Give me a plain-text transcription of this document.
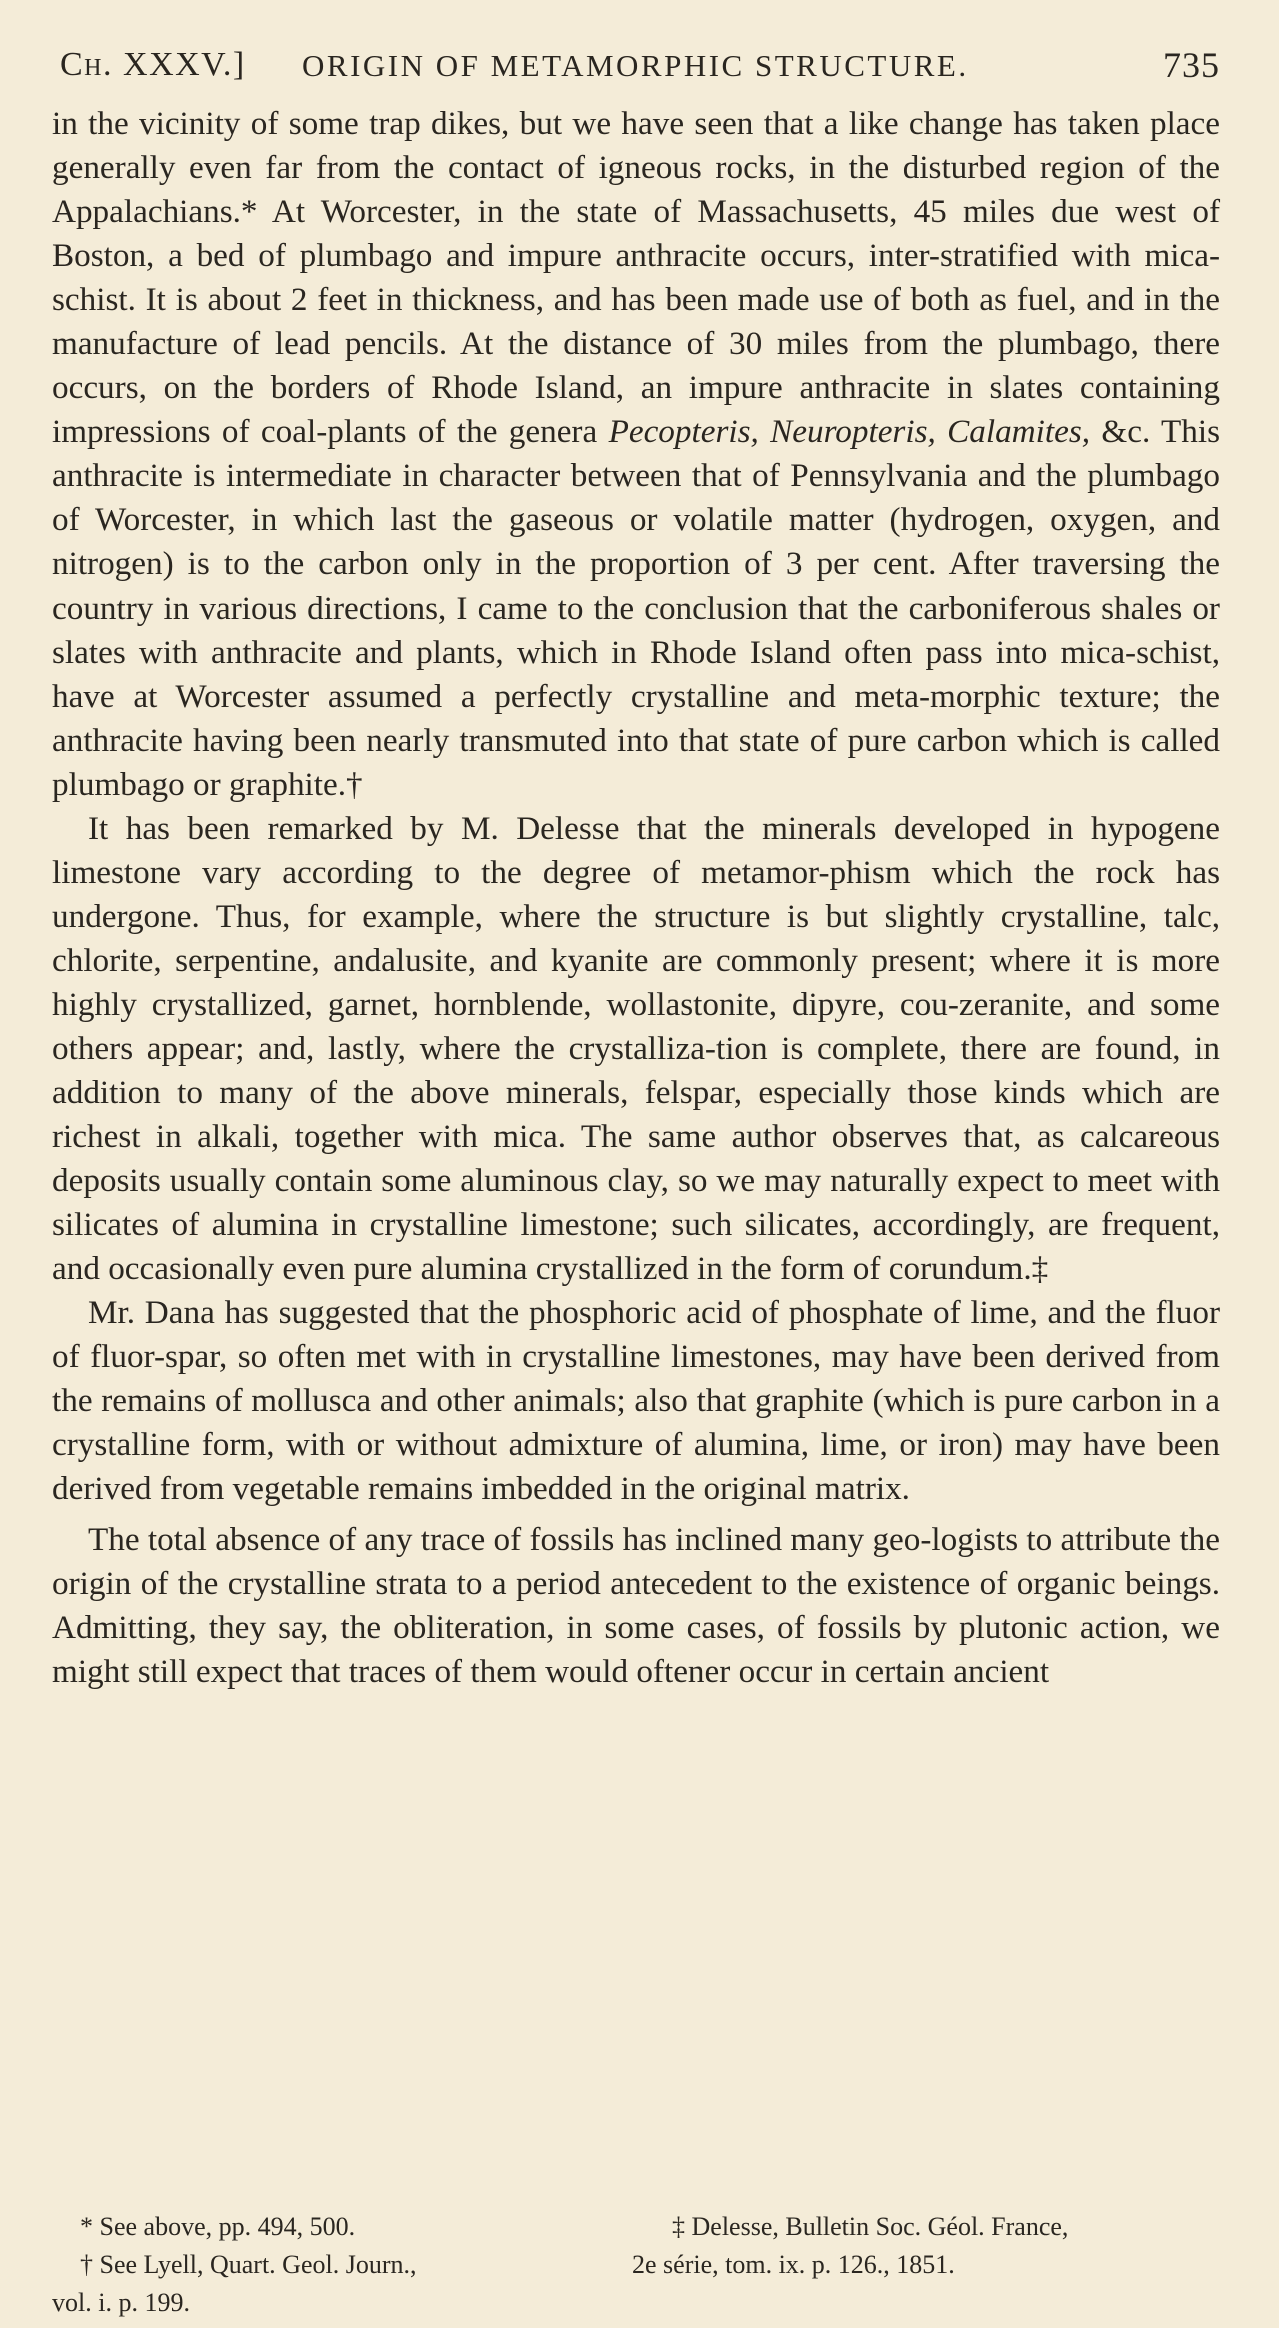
Ch. XXXV.] ORIGIN OF METAMORPHIC STRUCTURE.	735

in the vicinity of some trap dikes, but we have seen that a like change has taken place generally even far from the contact of igneous rocks, in the disturbed region of the Appalachians.* At Worcester, in the state of Massachusetts, 45 miles due west of Boston, a bed of plumbago and impure anthracite occurs, inter-stratified with mica-schist. It is about 2 feet in thickness, and has been made use of both as fuel, and in the manufacture of lead pencils. At the distance of 30 miles from the plumbago, there occurs, on the borders of Rhode Island, an impure anthracite in slates containing impressions of coal-plants of the genera Pecopteris, Neuropteris, Calamites, &c. This anthracite is intermediate in character between that of Pennsylvania and the plumbago of Worcester, in which last the gaseous or volatile matter (hydrogen, oxygen, and nitrogen) is to the carbon only in the proportion of 3 per cent. After traversing the country in various directions, I came to the conclusion that the carboniferous shales or slates with anthracite and plants, which in Rhode Island often pass into mica-schist, have at Worcester assumed a perfectly crystalline and meta-morphic texture; the anthracite having been nearly transmuted into that state of pure carbon which is called plumbago or graphite.†

It has been remarked by M. Delesse that the minerals developed in hypogene limestone vary according to the degree of metamor-phism which the rock has undergone. Thus, for example, where the structure is but slightly crystalline, talc, chlorite, serpentine, andalusite, and kyanite are commonly present; where it is more highly crystallized, garnet, hornblende, wollastonite, dipyre, cou-zeranite, and some others appear; and, lastly, where the crystalliza-tion is complete, there are found, in addition to many of the above minerals, felspar, especially those kinds which are richest in alkali, together with mica. The same author observes that, as calcareous deposits usually contain some aluminous clay, so we may naturally expect to meet with silicates of alumina in crystalline limestone; such silicates, accordingly, are frequent, and occasionally even pure alumina crystallized in the form of corundum.‡

Mr. Dana has suggested that the phosphoric acid of phosphate of lime, and the fluor of fluor-spar, so often met with in crystalline limestones, may have been derived from the remains of mollusca and other animals; also that graphite (which is pure carbon in a crystalline form, with or without admixture of alumina, lime, or iron) may have been derived from vegetable remains imbedded in the original matrix.

The total absence of any trace of fossils has inclined many geo-logists to attribute the origin of the crystalline strata to a period antecedent to the existence of organic beings. Admitting, they say, the obliteration, in some cases, of fossils by plutonic action, we might still expect that traces of them would oftener occur in certain ancient

* See above, pp. 494, 500.	‡ Delesse, Bulletin Soc. Géol. France,
† See Lyell, Quart. Geol. Journ.,	2e série, tom. ix. p. 126., 1851.
vol. i. p. 199.
